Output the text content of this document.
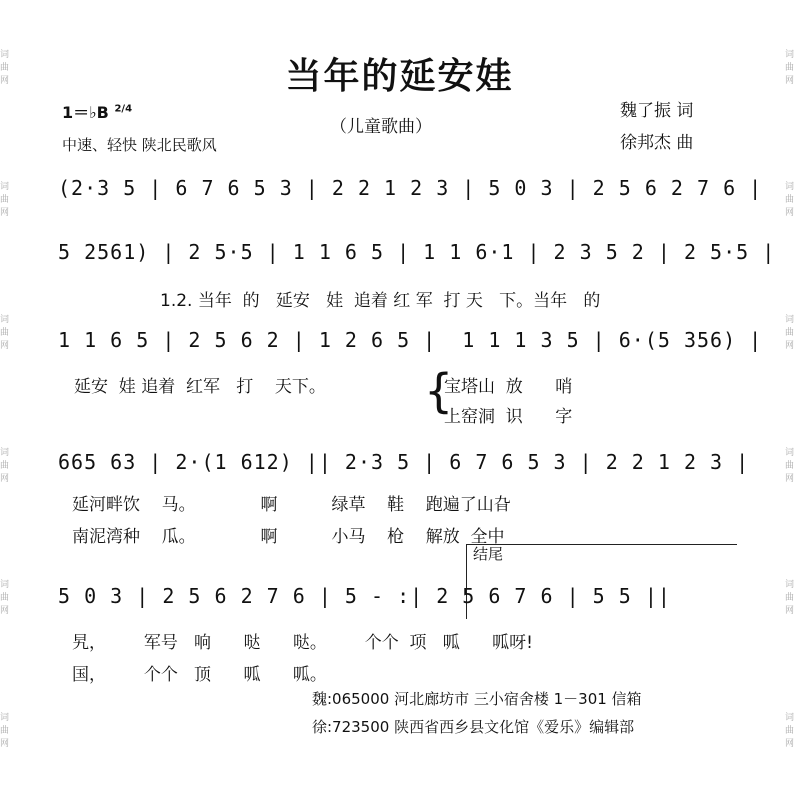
词曲网
词曲网
词曲网
词曲网
词曲网
词曲网
词曲网
词曲网
词曲网
词曲网
词曲网
词曲网
当年的延安娃
（儿童歌曲）
1＝♭B $^{2/4}$
中速、轻快 陕北民歌风
魏了振 词
徐邦杰 曲
(2·3 5 | 6 7 6 5 3 | 2 2 1 2 3 | 5 0 3 | 2 5 6 2 7 6 |
5 2561) | 2 5·5 | 1 1 6 5 | 1 1 6·1 | 2 3 5 2 | 2 5·5 |
1.2. 当年  的   延安   娃  追着 红 军  打 天   下。当年   的
1 1 6 5 | 2 5 6 2 | 1 2 6 5 |  1 1 1 3 5 | 6·(5 356) |
延安  娃 追着  红军   打    天下。 {
宝塔山  放      哨
上窑洞  识      字
665 63 | 2·(1 612) || 2·3 5 | 6 7 6 5 3 | 2 2 1 2 3 |
延河畔饮    马。            啊          绿草    鞋    跑遍了山旮
南泥湾种    瓜。            啊          小马    枪    解放  全中
结尾
5 0 3 | 2 5 6 2 7 6 | 5 - :| 2 5 6 7 6 | 5 5 ||
旯，       军号   响      哒      哒。       个个  项   呱      呱呀!
国，       个个   顶      呱      呱。
魏:065000 河北廊坊市 三小宿舍楼 1－301 信箱
徐:723500 陕西省西乡县文化馆《爱乐》编辑部
